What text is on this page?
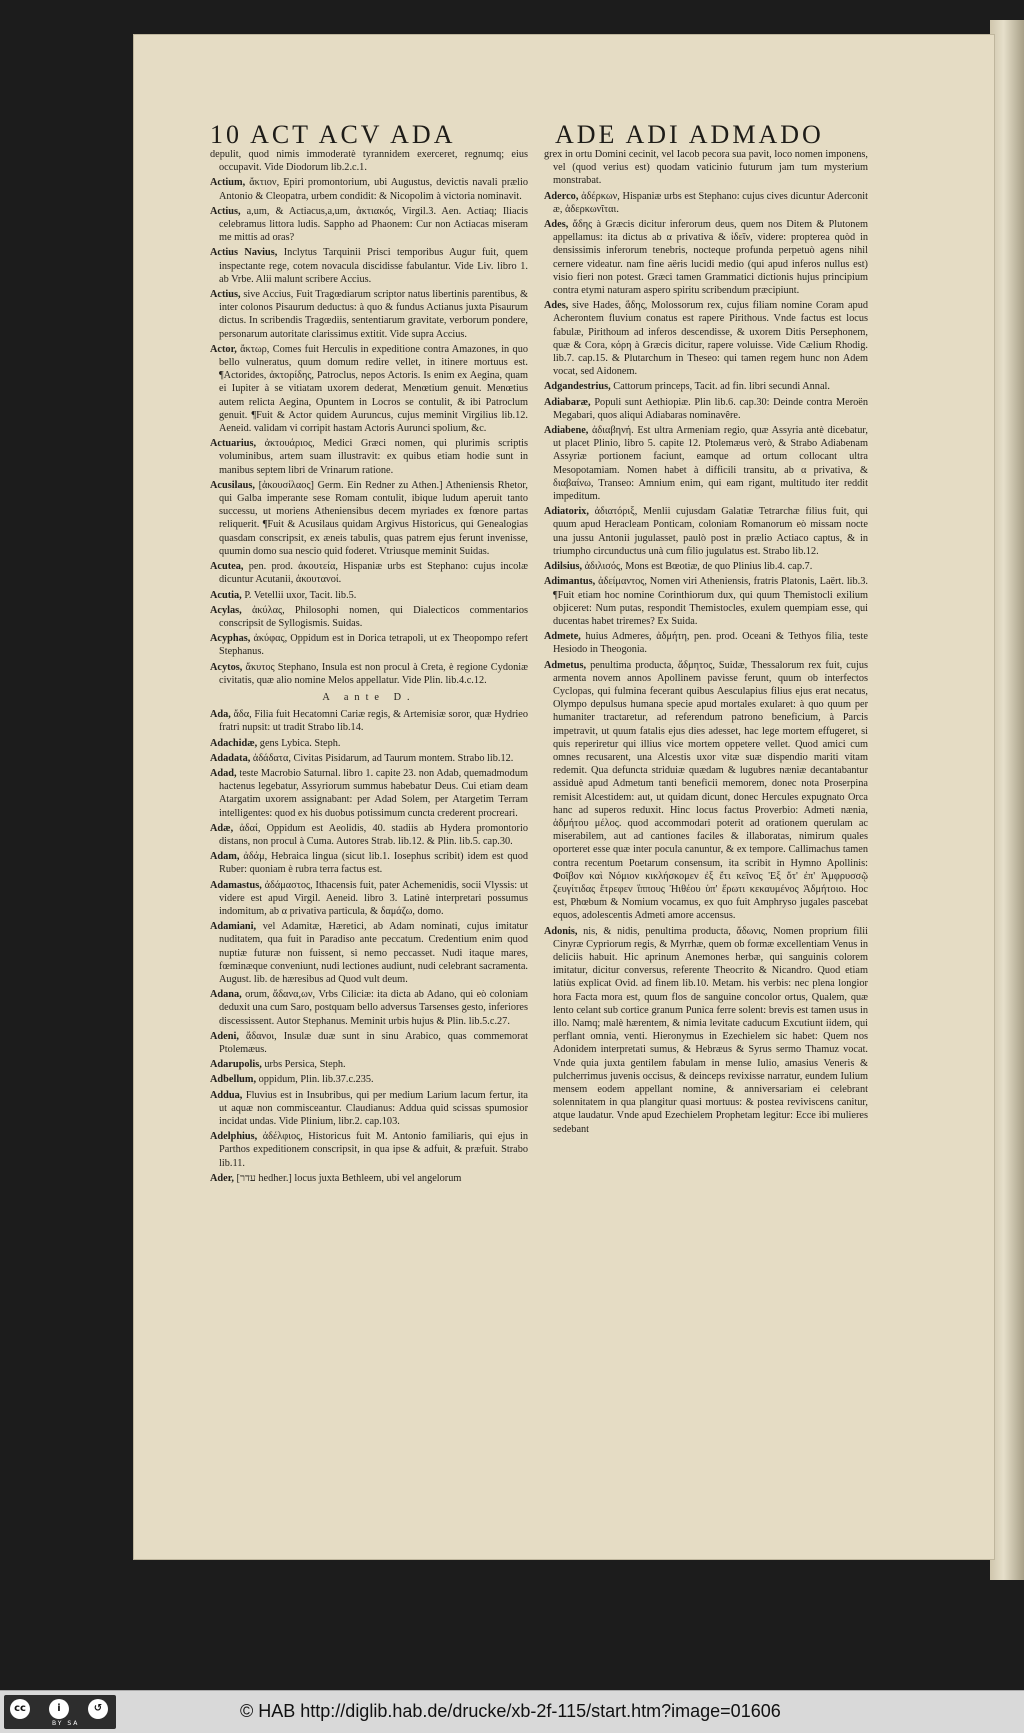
10 ACT ACV ADA	ADE ADI ADMADO
depulit, quod nimis immoderatè tyrannidem exerceret, regnumq; eius occupavit. Vide Diodorum lib.2.c.1.
Actium, ἄκτιον, Epiri promontorium, ubi Augustus, devictis navali prælio Antonio & Cleopatra, urbem condidit: & Nicopolim à victoria nominavit.
Actius, a,um, & Actiacus,a,um, ἀκτιακός, Virgil.3. Aen. Actiaq; Iliacis celebramus littora ludis. Sappho ad Phaonem: Cur non Actiacas miseram me mittis ad oras?
Actius Navius, Inclytus Tarquinii Prisci temporibus Augur fuit, quem inspectante rege, cotem novacula discidisse fabulantur. Vide Liv. libro 1. ab Vrbe. Alii malunt scribere Accius.
Actius, sive Accius, Fuit Tragœdiarum scriptor natus libertinis parentibus, & inter colonos Pisaurum deductus: à quo & fundus Actianus juxta Pisaurum dictus. In scribendis Tragœdiis, sententiarum gravitate, verborum pondere, personarum autoritate clarissimus extitit. Vide supra Accius.
Actor, ἄκτωρ, Comes fuit Herculis in expeditione contra Amazones, in quo bello vulneratus, quum domum redire vellet, in itinere mortuus est. ¶Actorides, ἀκτορίδης, Patroclus, nepos Actoris. Is enim ex Aegina, quam ei Iupiter à se vitiatam uxorem dederat, Menœtium genuit. Menœtius autem relicta Aegina, Opuntem in Locros se contulit, & ibi Patroclum genuit. ¶Fuit & Actor quidem Auruncus, cujus meminit Virgilius lib.12. Aeneid. validam vi corripit hastam Actoris Aurunci spolium, &c.
Actuarius, ἀκτουάριος, Medici Græci nomen, qui plurimis scriptis voluminibus, artem suam illustravit: ex quibus etiam hodie sunt in manibus septem libri de Vrinarum ratione.
Acusilaus, [ἀκουσίλαος] Germ. Ein Redner zu Athen.] Atheniensis Rhetor, qui Galba imperante sese Romam contulit, ibique ludum aperuit tanto successu, ut moriens Atheniensibus decem myriades ex fœnore partas reliquerit. ¶Fuit & Acusilaus quidam Argivus Historicus, qui Genealogias quasdam conscripsit, ex æneis tabulis, quas patrem ejus ferunt invenisse, quumin domo sua nescio quid foderet. Vtriusque meminit Suidas.
Acutea, pen. prod. ἀκουτεία, Hispaniæ urbs est Stephano: cujus incolæ dicuntur Acutanii, ἀκουτανοί.
Acutia, P. Vetellii uxor, Tacit. lib.5.
Acylas, ἀκύλας, Philosophi nomen, qui Dialecticos commentarios conscripsit de Syllogismis. Suidas.
Acyphas, ἀκύφας, Oppidum est in Dorica tetrapoli, ut ex Theopompo refert Stephanus.
Acytos, ἄκυτος Stephano, Insula est non procul à Creta, è regione Cydoniæ civitatis, quæ alio nomine Melos appellatur. Vide Plin. lib.4.c.12.
A ante D.
Ada, ἄδα, Filia fuit Hecatomni Cariæ regis, & Artemisiæ soror, quæ Hydrieo fratri nupsit: ut tradit Strabo lib.14.
Adachidæ, gens Lybica. Steph.
Adadata, ἀδάδατα, Civitas Pisidarum, ad Taurum montem. Strabo lib.12.
Adad, teste Macrobio Saturnal. libro 1. capite 23. non Adab, quemadmodum hactenus legebatur, Assyriorum summus habebatur Deus. Cui etiam deam Atargatim uxorem assignabant: per Adad Solem, per Atargetim Terram intelligentes: quod ex his duobus potissimum cuncta crederent procreari.
Adæ, ἀδαί, Oppidum est Aeolidis, 40. stadiis ab Hydera promontorio distans, non procul à Cuma. Autores Strab. lib.12. & Plin. lib.5. cap.30.
Adam, ἀδάμ, Hebraica lingua (sicut lib.1. Iosephus scribit) idem est quod Ruber: quoniam è rubra terra factus est.
Adamastus, ἀδάμαστος, Ithacensis fuit, pater Achemenidis, socii Vlyssis: ut videre est apud Virgil. Aeneid. libro 3. Latinè interpretari possumus indomitum, ab α privativa particula, & δαμάζω, domo.
Adamiani, vel Adamitæ, Hæretici, ab Adam nominati, cujus imitatur nuditatem, qua fuit in Paradiso ante peccatum. Credentium enim quod nuptiæ futuræ non fuissent, si nemo peccasset. Nudi itaque mares, fœminæque conveniunt, nudi lectiones audiunt, nudi celebrant sacramenta. August. lib. de hæresibus ad Quod vult deum.
Adana, orum, ἄδανα,ων, Vrbs Ciliciæ: ita dicta ab Adano, qui eò coloniam deduxit una cum Saro, postquam bello adversus Tarsenses gesto, inferiores discessissent. Autor Stephanus. Meminit urbis hujus & Plin. lib.5.c.27.
Adeni, ἄδανοι, Insulæ duæ sunt in sinu Arabico, quas commemorat Ptolemæus.
Adarupolis, urbs Persica, Steph.
Adbellum, oppidum, Plin. lib.37.c.235.
Addua, Fluvius est in Insubribus, qui per medium Larium lacum fertur, ita ut aquæ non commisceantur. Claudianus: Addua quid scissas spumosior incidat undas. Vide Plinium, libr.2. cap.103.
Adelphius, ἀδέλφιος, Historicus fuit M. Antonio familiaris, qui ejus in Parthos expeditionem conscripsit, in qua ipse & adfuit, & præfuit. Strabo lib.11.
Ader, [עדר hedher.] locus juxta Bethleem, ubi vel angelorum
grex in ortu Domini cecinit, vel Iacob pecora sua pavit, loco nomen imponens, vel (quod verius est) quodam vaticinio futurum jam tum mysterium monstrabat.
Aderco, ἀδέρκων, Hispaniæ urbs est Stephano: cujus cives dicuntur Aderconit æ, ἀδερκωνῖται.
Ades, ἅδης à Græcis dicitur inferorum deus, quem nos Ditem & Plutonem appellamus: ita dictus ab α privativa & ἰδεῖν, videre: propterea quòd in densissimis inferorum tenebris, nocteque profunda perpetuò agens nihil cernere videatur. nam fine aëris lucidi medio (qui apud inferos nullus est) visio fieri non potest. Græci tamen Grammatici dictionis hujus principium contra etymi naturam aspero spiritu scribendum præcipiunt.
Ades, sive Hades, ἅδης, Molossorum rex, cujus filiam nomine Coram apud Acherontem fluvium conatus est rapere Pirithous. Vnde factus est locus fabulæ, Pirithoum ad inferos descendisse, & uxorem Ditis Persephonem, quæ & Cora, κόρη à Græcis dicitur, rapere voluisse. Vide Cælium Rhodig. lib.7. cap.15. & Plutarchum in Theseo: qui tamen regem hunc non Adem vocat, sed Aidonem.
Adgandestrius, Cattorum princeps, Tacit. ad fin. libri secundi Annal.
Adiabaræ, Populi sunt Aethiopiæ. Plin lib.6. cap.30: Deinde contra Meroën Megabari, quos aliqui Adiabaras nominavêre.
Adiabene, ἀδιαβηνή. Est ultra Armeniam regio, quæ Assyria antè dicebatur, ut placet Plinio, libro 5. capite 12. Ptolemæus verò, & Strabo Adiabenam Assyriæ portionem faciunt, eamque ad ortum collocant ultra Mesopotamiam. Nomen habet à difficili transitu, ab α privativa, & διαβαίνω, Transeo: Amnium enim, qui eam rigant, multitudo iter reddit impeditum.
Adiatorix, ἀδιατόριξ, Menlii cujusdam Galatiæ Tetrarchæ filius fuit, qui quum apud Heracleam Ponticam, coloniam Romanorum eò missam nocte una jussu Antonii jugulasset, paulò post in prælio Actiaco captus, & in triumpho circunductus unà cum filio jugulatus est. Strabo lib.12.
Adilsius, ἀδιλισός, Mons est Bœotiæ, de quo Plinius lib.4. cap.7.
Adimantus, ἀδείμαντος, Nomen viri Atheniensis, fratris Platonis, Laërt. lib.3. ¶Fuit etiam hoc nomine Corinthiorum dux, qui quum Themistocli exilium objiceret: Num putas, respondit Themistocles, exulem quempiam esse, qui ducentas habet triremes? Ex Suida.
Admete, huius Admeres, ἀδμήτη, pen. prod. Oceani & Tethyos filia, teste Hesiodo in Theogonia.
Admetus, penultima producta, ἄδμητος, Suidæ, Thessalorum rex fuit, cujus armenta novem annos Apollinem pavisse ferunt, quum ob interfectos Cyclopas, qui fulmina fecerant quibus Aesculapius filius ejus erat necatus, Olympo depulsus humana specie apud mortales exularet: à quo quum per humaniter tractaretur, ad referendum patrono beneficium, à Parcis impetravit, ut quum fatalis ejus dies adesset, hac lege mortem effugeret, si quis reperiretur qui illius vice mortem oppetere vellet. Quod amici cum omnes recusarent, una Alcestis uxor vitæ suæ dispendio mariti vitam redemit. Qua defuncta striduiæ quædam & lugubres næniæ decantabantur assiduè apud Admetum tanti beneficii memorem, donec nota Proserpina remisit Alcestidem: aut, ut quidam dicunt, donec Hercules expugnato Orca hanc ad superos reduxit. Hinc locus factus Proverbio: Admeti nænia, ἀδμήτου μέλος. quod accommodari poterit ad orationem querulam ac miserabilem, aut ad cantiones faciles & illaboratas, nimirum quales oporteret esse quæ inter pocula canuntur, & ex tempore. Callimachus tamen contra recentum Poetarum consensum, ita scribit in Hymno Apollinis: Φοῖβον καὶ Νόμιον κικλήσκομεν ἐξ ἔτι κεῖνος Ἐξ ὅτ' ἐπ' Ἀμφρυσσῷ ζευγίτιδας ἔτρεφεν ἵππους Ἠιθέου ὑπ' ἔρωτι κεκαυμένος Ἀδμήτοιο. Hoc est, Phœbum & Nomium vocamus, ex quo fuit Amphryso jugales pascebat equos, adolescentis Admeti amore accensus.
Adonis, nis, & nidis, penultima producta, ἄδωνις, Nomen proprium filii Cinyræ Cypriorum regis, & Myrrhæ, quem ob formæ excellentiam Venus in deliciis habuit. Hic aprinum Anemones herbæ, qui sanguinis colorem imitatur, dicitur conversus, referente Theocrito & Nicandro. Quod etiam latiùs explicat Ovid. ad finem lib.10. Metam. his verbis: nec plena longior hora Facta mora est, quum flos de sanguine concolor ortus, Qualem, quæ lento celant sub cortice granum Punica ferre solent: brevis est tamen usus in illo. Namq; malè hærentem, & nimia levitate caducum Excutiunt iidem, qui perflant omnia, venti. Hieronymus in Ezechielem sic habet: Quem nos Adonidem interpretati sumus, & Hebræus & Syrus sermo Thamuz vocat. Vnde quia juxta gentilem fabulam in mense Iulio, amasius Veneris & pulcherrimus juvenis occisus, & deinceps revixisse narratur, eundem Iulium mensem eodem appellant nomine, & anniversariam ei celebrant solennitatem in qua plangitur quasi mortuus: & postea reviviscens canitur, atque laudatur. Vnde apud Ezechielem Prophetam legitur: Ecce ibi mulieres sedebant
cc	i	↺
BY SA
© HAB http://diglib.hab.de/drucke/xb-2f-115/start.htm?image=01606
